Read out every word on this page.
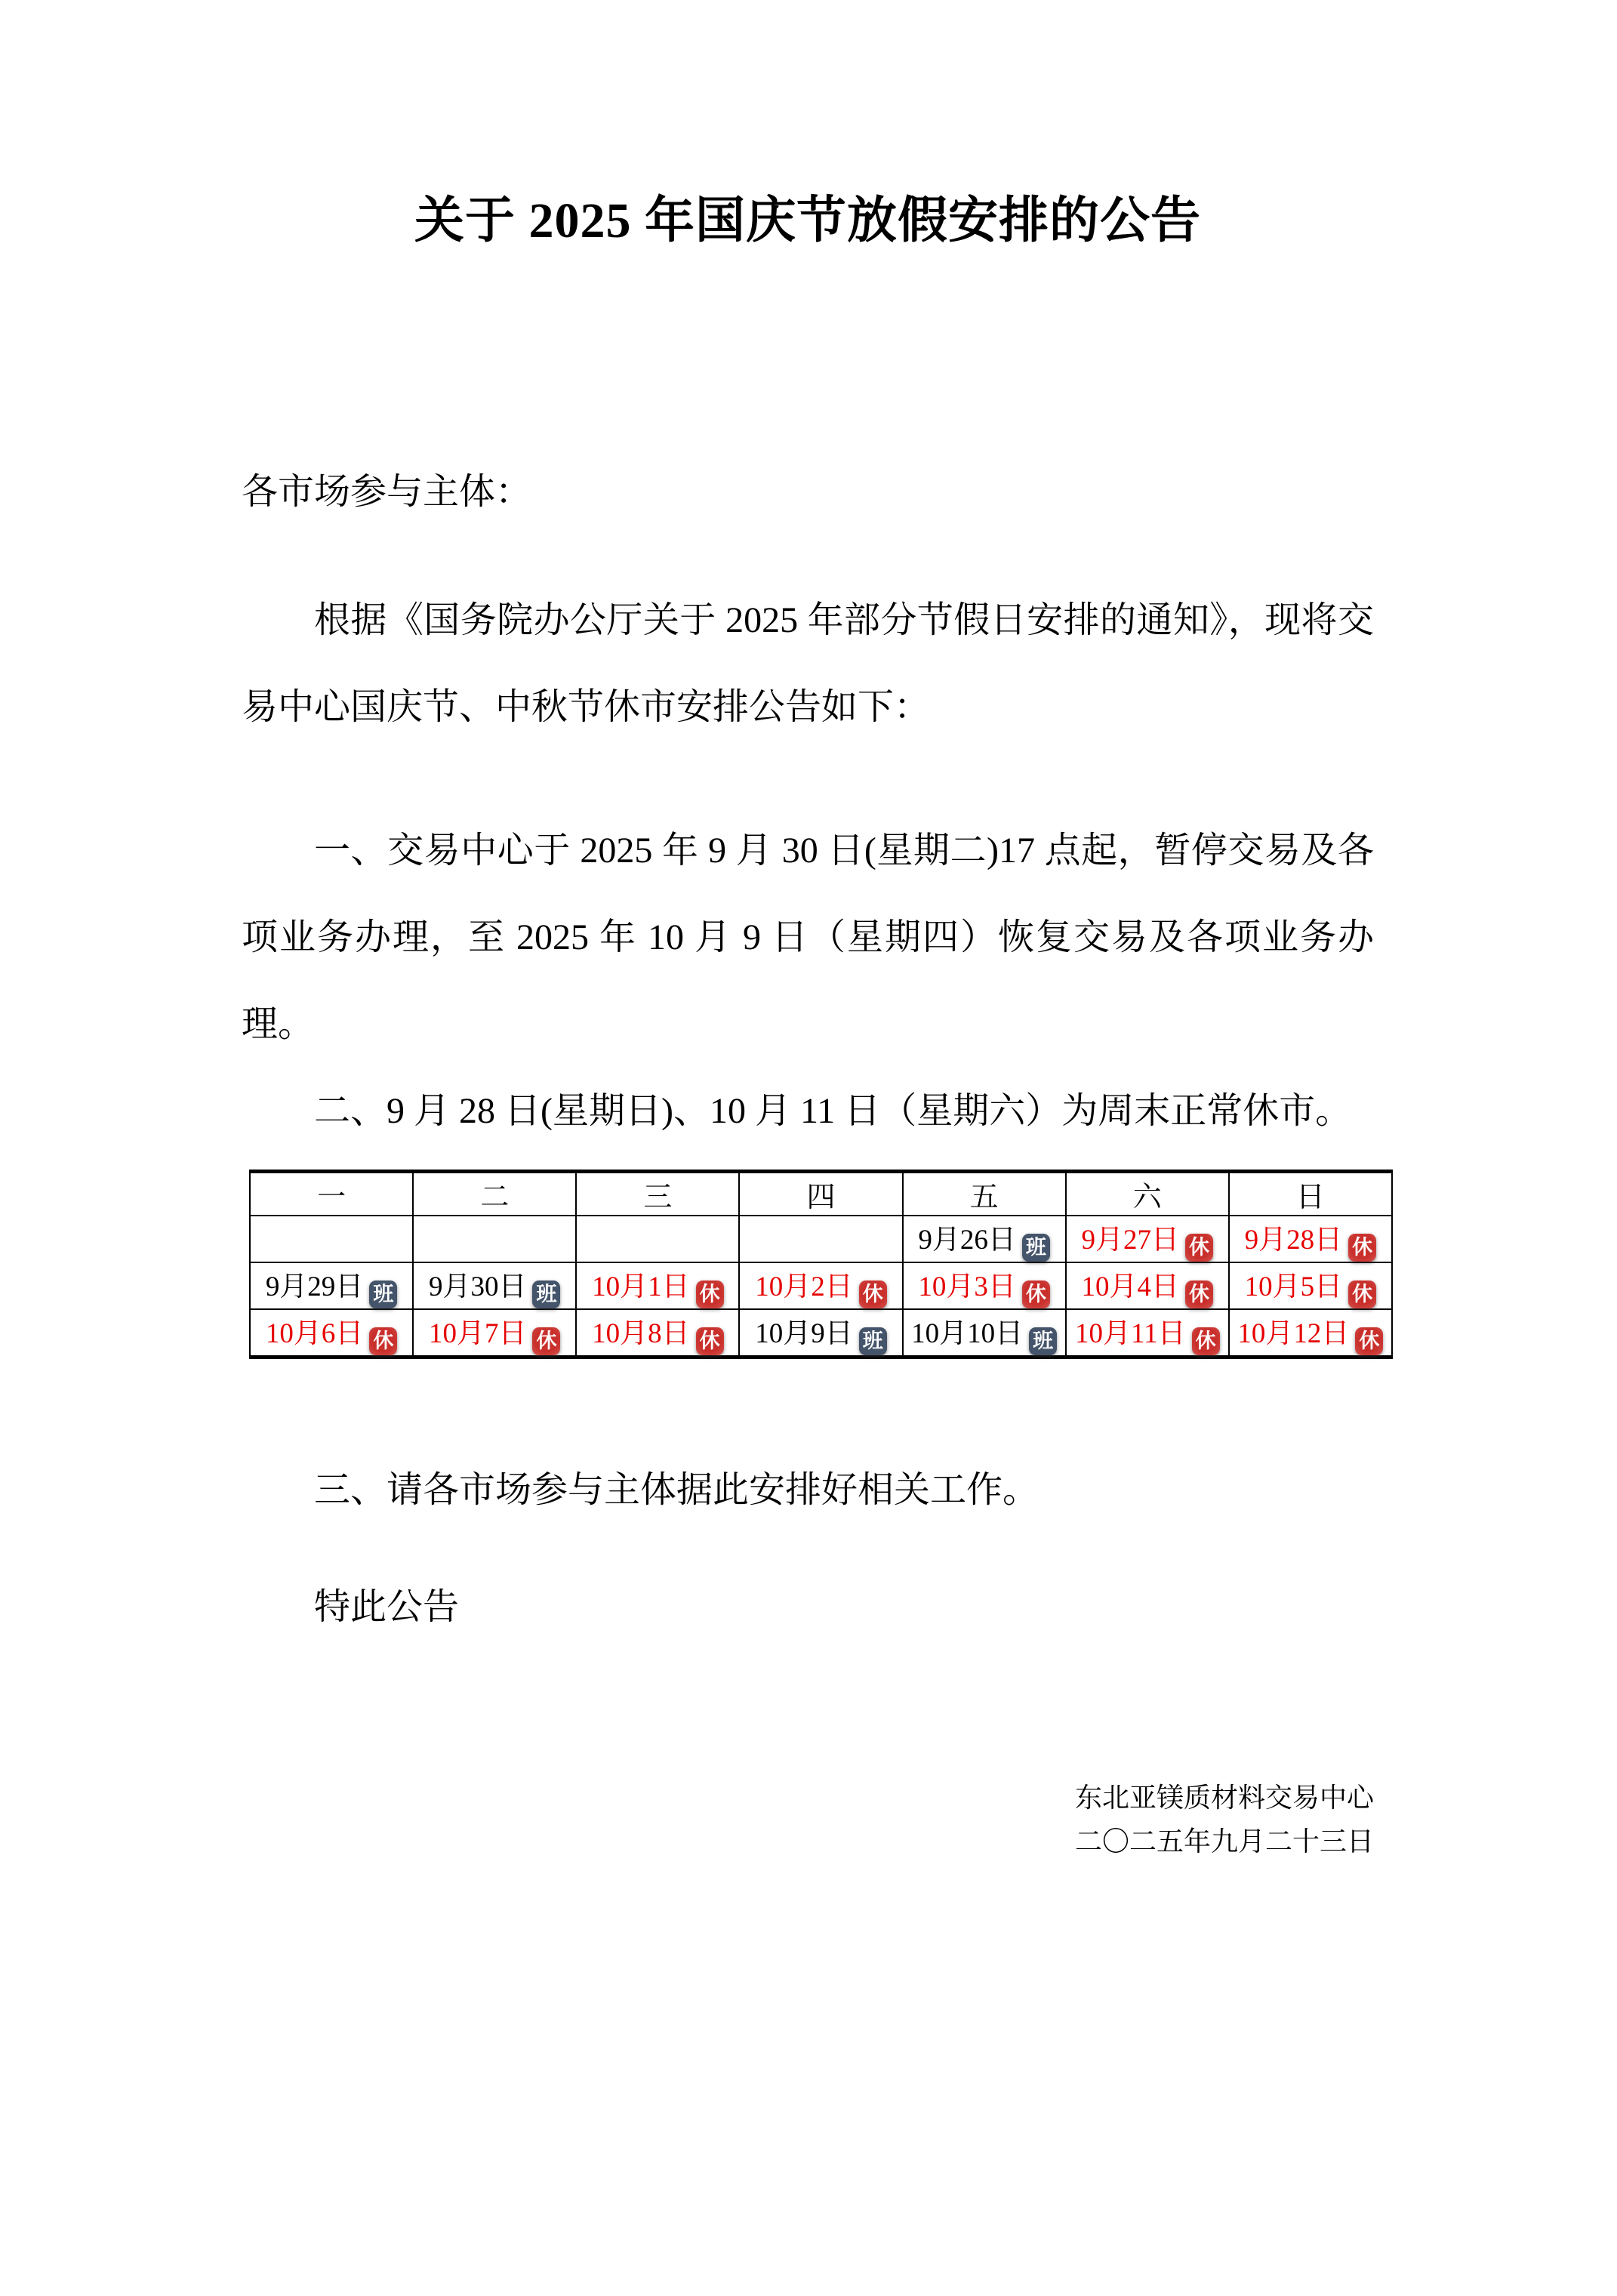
关于 2025 年国庆节放假安排的公告
各市场参与主体：

根据《国务院办公厅关于 2025 年部分节假日安排的通知》，现将交易中心国庆节、中秋节休市安排公告如下：

一、交易中心于 2025 年 9 月 30 日(星期二)17 点起，暂停交易及各项业务办理，至 2025 年 10 月 9 日（星期四）恢复交易及各项业务办理。

二、9 月 28 日(星期日)、10 月 11 日（星期六）为周末正常休市。

一	二	三	四	五	六	日
				9月26日 班	9月27日 休	9月28日 休
9月29日 班	9月30日 班	10月1日 休	10月2日 休	10月3日 休	10月4日 休	10月5日 休
10月6日 休	10月7日 休	10月8日 休	10月9日 班	10月10日 班	10月11日 休	10月12日 休

三、请各市场参与主体据此安排好相关工作。

特此公告

东北亚镁质材料交易中心
二〇二五年九月二十三日
